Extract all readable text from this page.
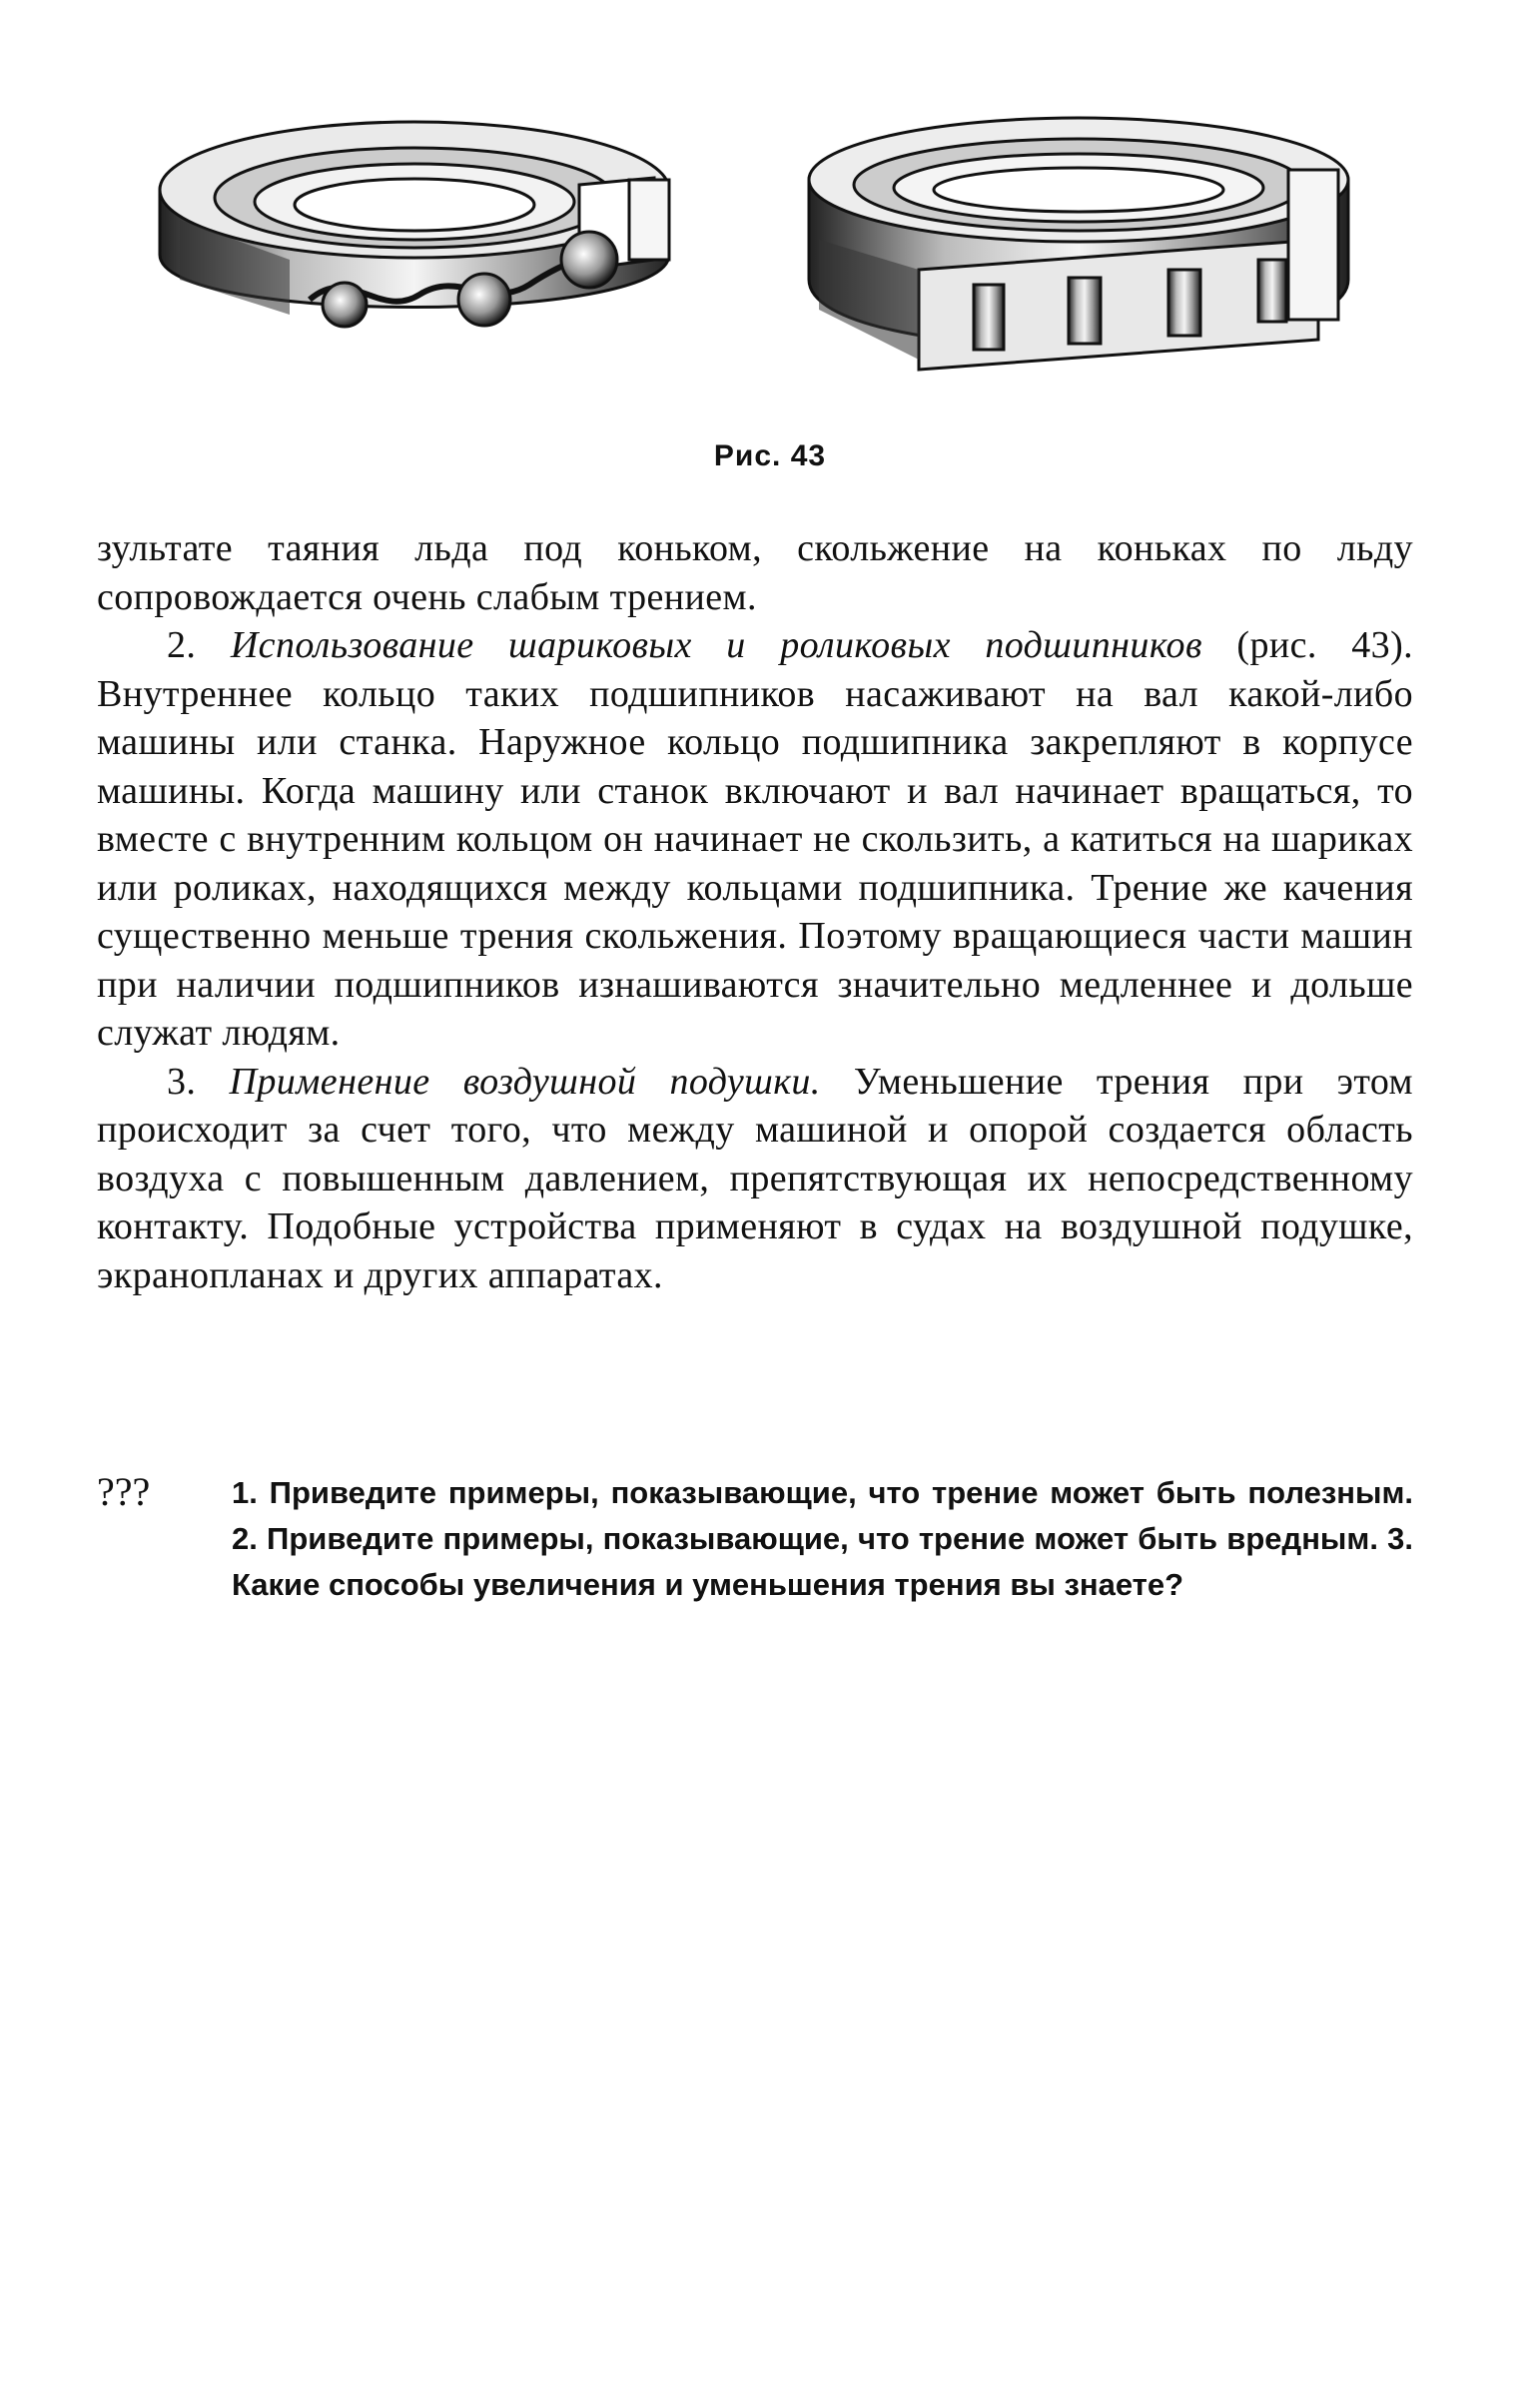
Рис. 43

зультате таяния льда под коньком, скольжение на коньках по льду сопровождается очень слабым трением.

2. Использование шариковых и роликовых подшипников (рис. 43). Внутреннее кольцо таких подшипников насаживают на вал какой-либо машины или станка. Наружное кольцо подшипника закрепляют в корпусе машины. Когда машину или станок включают и вал начинает вращаться, то вместе с внутренним кольцом он начинает не скользить, а катиться на шариках или роликах, находящихся между кольцами подшипника. Трение же качения существенно меньше трения скольжения. Поэтому вращающиеся части машин при наличии подшипников изнашиваются значительно медленнее и дольше служат людям.

3. Применение воздушной подушки. Уменьшение трения при этом происходит за счет того, что между машиной и опорой создается область воздуха с повышенным давлением, препятствующая их непосредственному контакту. Подобные устройства применяют в судах на воздушной подушке, экранопланах и других аппаратах.

???	1. Приведите примеры, показывающие, что трение может быть полезным. 2. Приведите примеры, показывающие, что трение может быть вредным. 3. Какие способы увеличения и уменьшения трения вы знаете?
